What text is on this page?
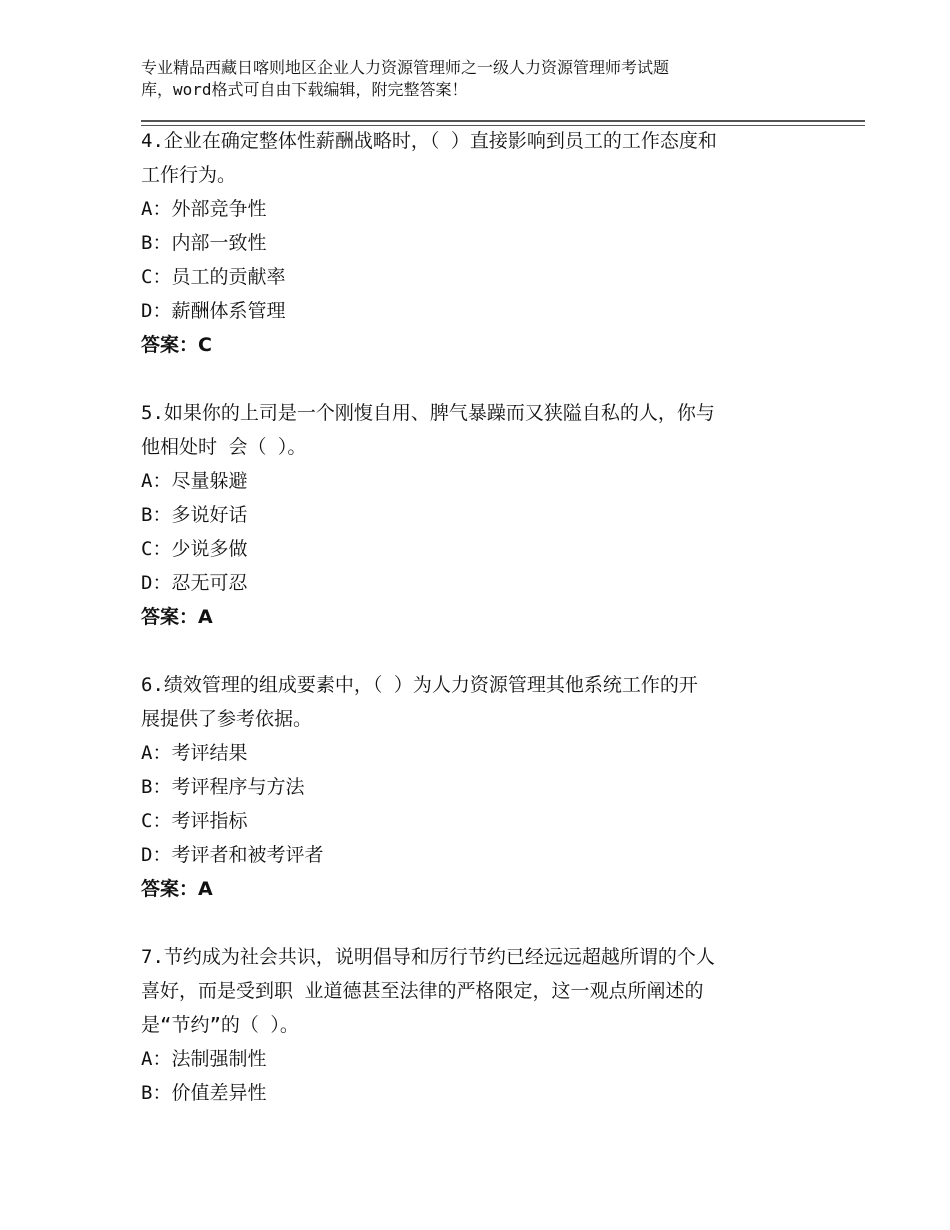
专业精品西藏日喀则地区企业人力资源管理师之一级人力资源管理师考试题
库，word格式可自由下载编辑，附完整答案！
4.企业在确定整体性薪酬战略时，（ ）直接影响到员工的工作态度和
工作行为。
A：外部竞争性
B：内部一致性
C：员工的贡献率
D：薪酬体系管理
答案：C
5.如果你的上司是一个刚愎自用、脾气暴躁而又狭隘自私的人，你与
他相处时 会（ ）。
A：尽量躲避
B：多说好话
C：少说多做
D：忍无可忍
答案：A
6.绩效管理的组成要素中，（ ）为人力资源管理其他系统工作的开
展提供了参考依据。
A：考评结果
B：考评程序与方法
C：考评指标
D：考评者和被考评者
答案：A
7.节约成为社会共识，说明倡导和厉行节约已经远远超越所谓的个人
喜好，而是受到职 业道德甚至法律的严格限定，这一观点所阐述的
是“节约”的（ ）。
A：法制强制性
B：价值差异性
